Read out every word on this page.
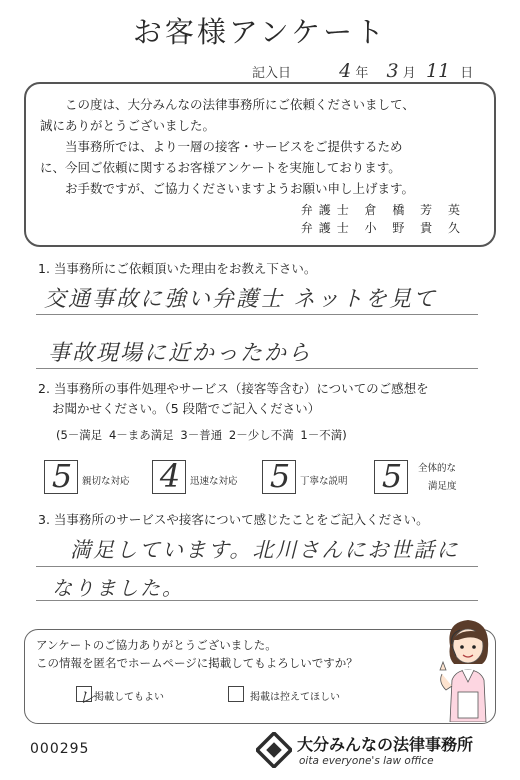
お客様アンケート
記入日	4 年 3 月 11 日

この度は、大分みんなの法律事務所にご依頼くださいまして、

誠にありがとうございました。

当事務所では、より一層の接客・サービスをご提供するため

に、今回ご依頼に関するお客様アンケートを実施しております。

お手数ですが、ご協力くださいますようお願い申し上げます。

弁護士 倉 橋 芳 英
弁護士 小 野 貴 久
1. 当事務所にご依頼頂いた理由をお教え下さい。
交通事故に強い弁護士 ネットを見て
事故現場に近かったから
2. 当事務所の事件処理やサービス（接客等含む）についてのご感想を
お聞かせください。（5 段階でご記入ください）
(5－満足 4－まあ満足 3－普通 2－少し不満 1－不満)
5	親切な対応 4	迅速な対応 5	丁寧な説明 5	全体的な
満足度
3. 当事務所のサービスや接客について感じたことをご記入ください。
満足しています。北川さんにお世話に
なりました。
アンケートのご協力ありがとうございました。
この情報を匿名でホームページに掲載してもよろしいですか？
レ 掲載してもよい	掲載は控えてほしい
000295	大分みんなの法律事務所
oita everyone's law office
